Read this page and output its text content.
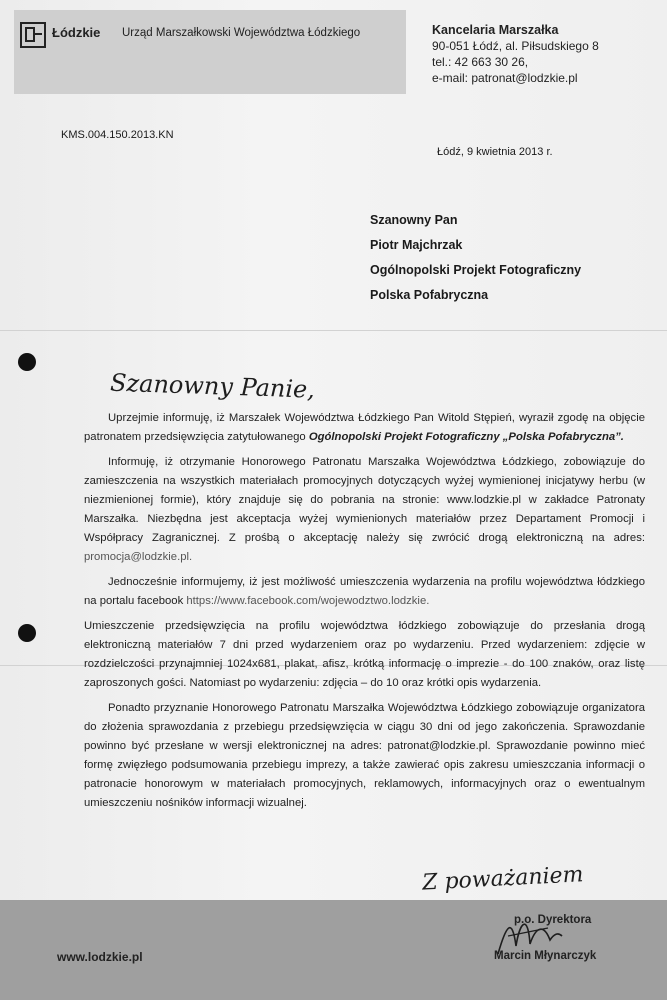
Łódzkie Urząd Marszałkowski Województwa Łódzkiego	Kancelaria Marszałka
90-051 Łódź, al. Piłsudskiego 8
tel.: 42 663 30 26,
e-mail: patronat@lodzkie.pl
KMS.004.150.2013.KN
Łódź, 9 kwietnia 2013 r.
Szanowny Pan
Piotr Majchrzak
Ogólnopolski Projekt Fotograficzny
Polska Pofabryczna
Szanowny Panie,

Uprzejmie informuję, iż Marszałek Województwa Łódzkiego Pan Witold Stępień, wyraził zgodę na objęcie patronatem przedsięwzięcia zatytułowanego Ogólnopolski Projekt Fotograficzny „Polska Pofabryczna”.

Informuję, iż otrzymanie Honorowego Patronatu Marszałka Województwa Łódzkiego, zobowiązuje do zamieszczenia na wszystkich materiałach promocyjnych dotyczących wyżej wymienionej inicjatywy herbu (w niezmienionej formie), który znajduje się do pobrania na stronie: www.lodzkie.pl w zakładce Patronaty Marszałka. Niezbędna jest akceptacja wyżej wymienionych materiałów przez Departament Promocji i Współpracy Zagranicznej. Z prośbą o akceptację należy się zwrócić drogą elektroniczną na adres: promocja@lodzkie.pl.

Jednocześnie informujemy, iż jest możliwość umieszczenia wydarzenia na profilu województwa łódzkiego na portalu facebook https://www.facebook.com/wojewodztwo.lodzkie.

Umieszczenie przedsięwzięcia na profilu województwa łódzkiego zobowiązuje do przesłania drogą elektroniczną materiałów 7 dni przed wydarzeniem oraz po wydarzeniu. Przed wydarzeniem: zdjęcie w rozdzielczości przynajmniej 1024x681, plakat, afisz, krótką informację o imprezie - do 100 znaków, oraz listę zaproszonych gości. Natomiast po wydarzeniu: zdjęcia – do 10 oraz krótki opis wydarzenia.

Ponadto przyznanie Honorowego Patronatu Marszałka Województwa Łódzkiego zobowiązuje organizatora do złożenia sprawozdania z przebiegu przedsięwzięcia w ciągu 30 dni od jego zakończenia. Sprawozdanie powinno być przesłane w wersji elektronicznej na adres: patronat@lodzkie.pl. Sprawozdanie powinno mieć formę zwięzłego podsumowania przebiegu imprezy, a także zawierać opis zakresu umieszczania informacji o patronacie honorowym w materiałach promocyjnych, reklamowych, informacyjnych oraz o ewentualnym umieszczeniu nośników informacji wizualnej.

Z poważaniem
www.lodzkie.pl
p.o. Dyrektora
Marcin Młynarczyk
